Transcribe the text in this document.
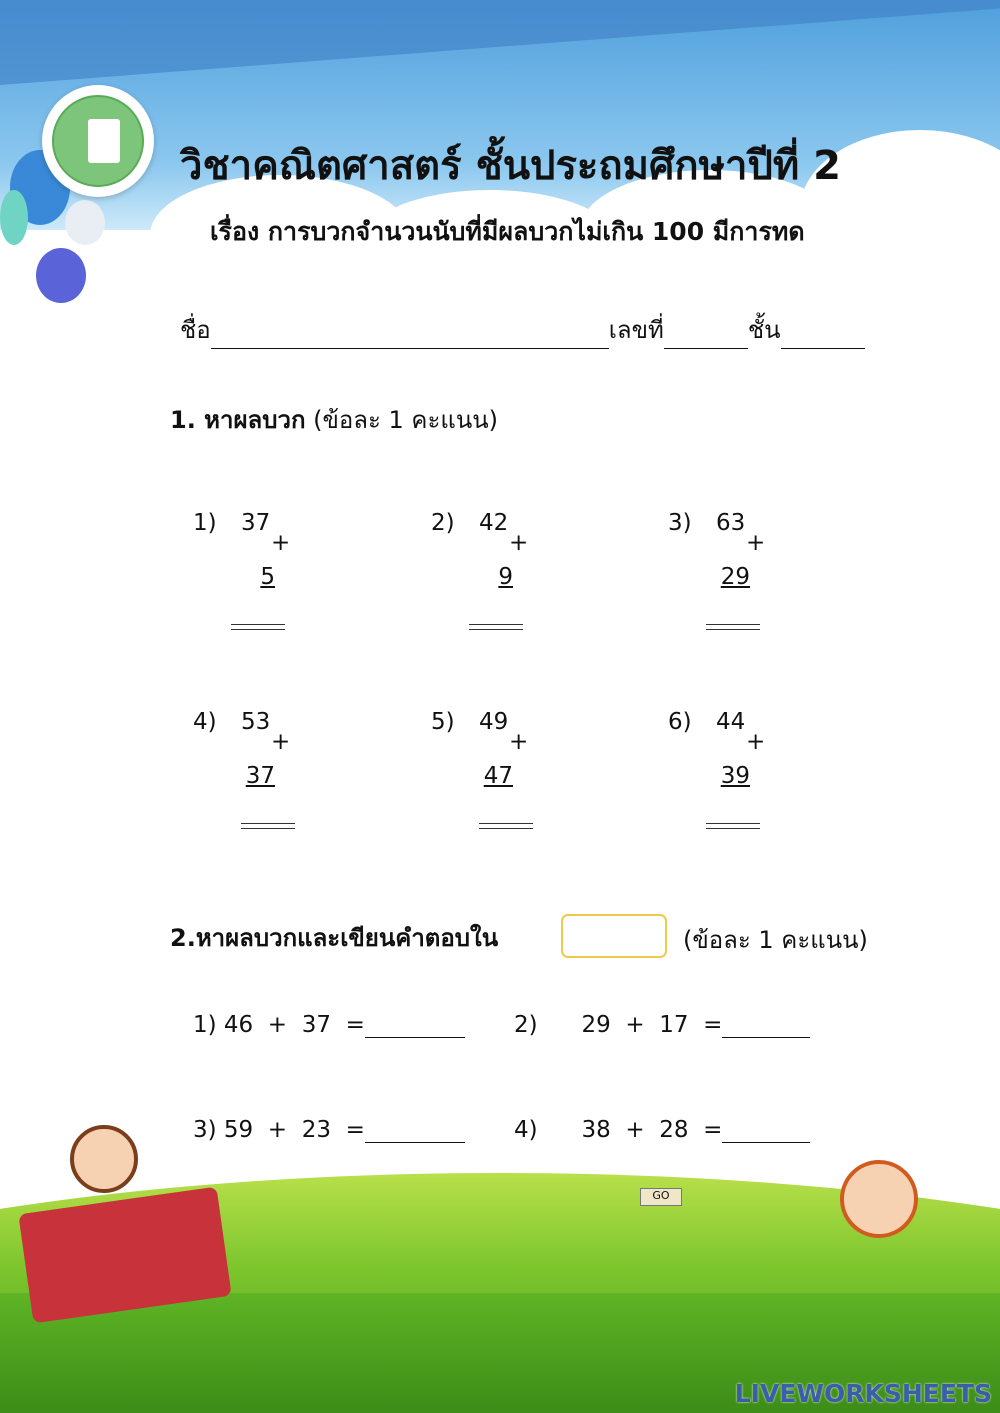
วิชาคณิตศาสตร์ ชั้นประถมศึกษาปีที่ 2
เรื่อง การบวกจำนวนนับที่มีผลบวกไม่เกิน 100 มีการทด
ชื่อ	เลขที่	ชั้น
1. หาผลบวก (ข้อละ 1 คะแนน)
1) 37
+
5
2) 42
+
9
3) 63
+
29
4) 53
+
37
5) 49
+
47
6) 44
+
39
2.หาผลบวกและเขียนคำตอบใน	(ข้อละ 1 คะแนน)
1) 46  +  37  =	2) 29  +  17  =
3) 59  +  23  =	4) 38  +  28  =
GO
LIVEWORKSHEETS
